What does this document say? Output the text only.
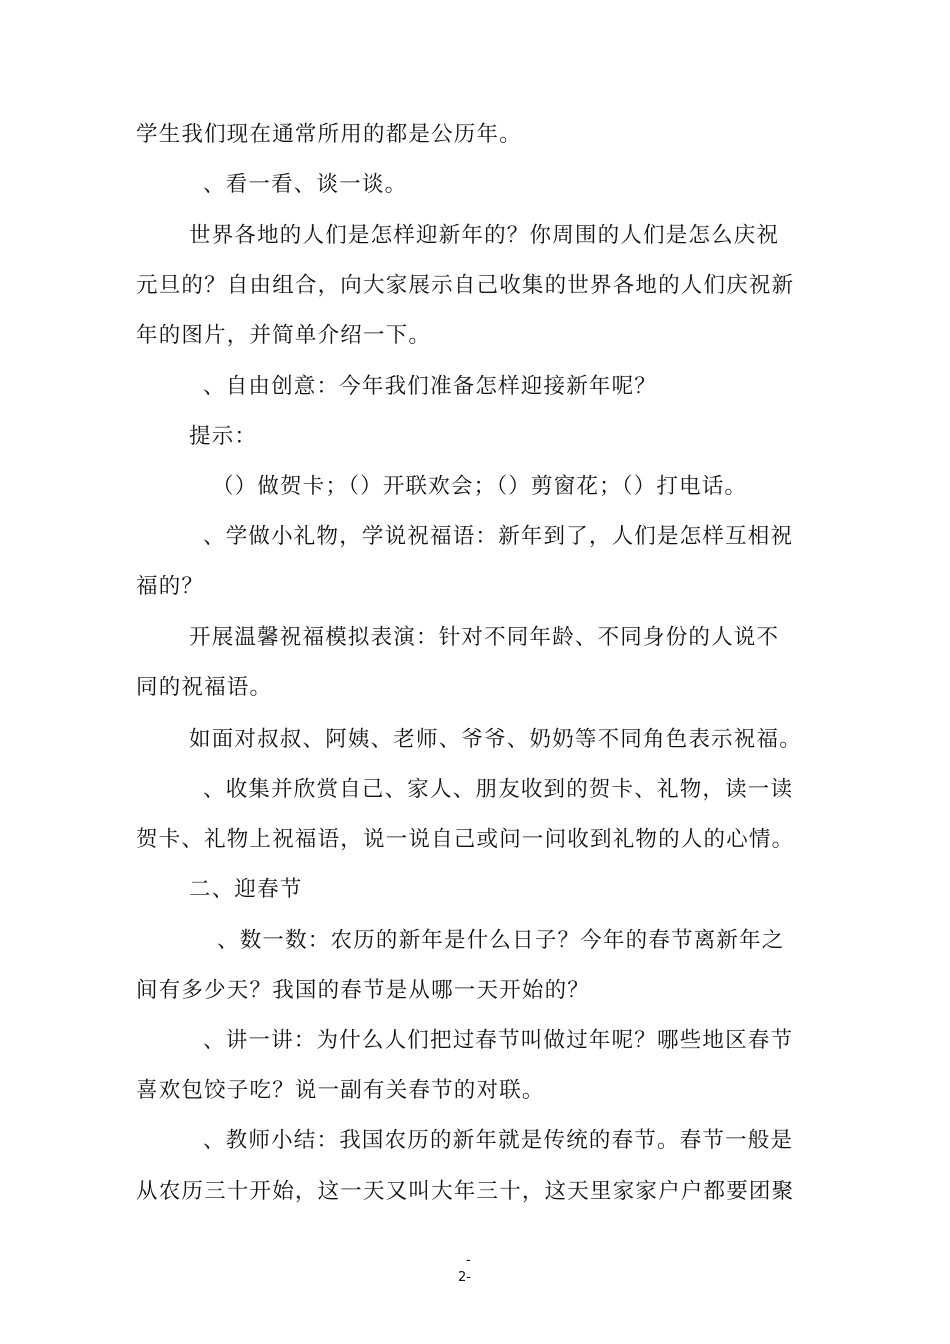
学生我们现在通常所用的都是公历年。
、看一看、谈一谈。
世界各地的人们是怎样迎新年的？你周围的人们是怎么庆祝
元旦的？自由组合，向大家展示自己收集的世界各地的人们庆祝新
年的图片，并简单介绍一下。
、自由创意：今年我们准备怎样迎接新年呢？
提示：
（）做贺卡；（）开联欢会；（）剪窗花；（）打电话。
、学做小礼物，学说祝福语：新年到了，人们是怎样互相祝
福的？
开展温馨祝福模拟表演：针对不同年龄、不同身份的人说不
同的祝福语。
如面对叔叔、阿姨、老师、爷爷、奶奶等不同角色表示祝福。
、收集并欣赏自己、家人、朋友收到的贺卡、礼物，读一读
贺卡、礼物上祝福语，说一说自己或问一问收到礼物的人的心情。
二、迎春节
、数一数：农历的新年是什么日子？今年的春节离新年之
间有多少天？我国的春节是从哪一天开始的？
、讲一讲：为什么人们把过春节叫做过年呢？哪些地区春节
喜欢包饺子吃？说一副有关春节的对联。
、教师小结：我国农历的新年就是传统的春节。春节一般是
从农历三十开始，这一天又叫大年三十，这天里家家户户都要团聚
-
2-
